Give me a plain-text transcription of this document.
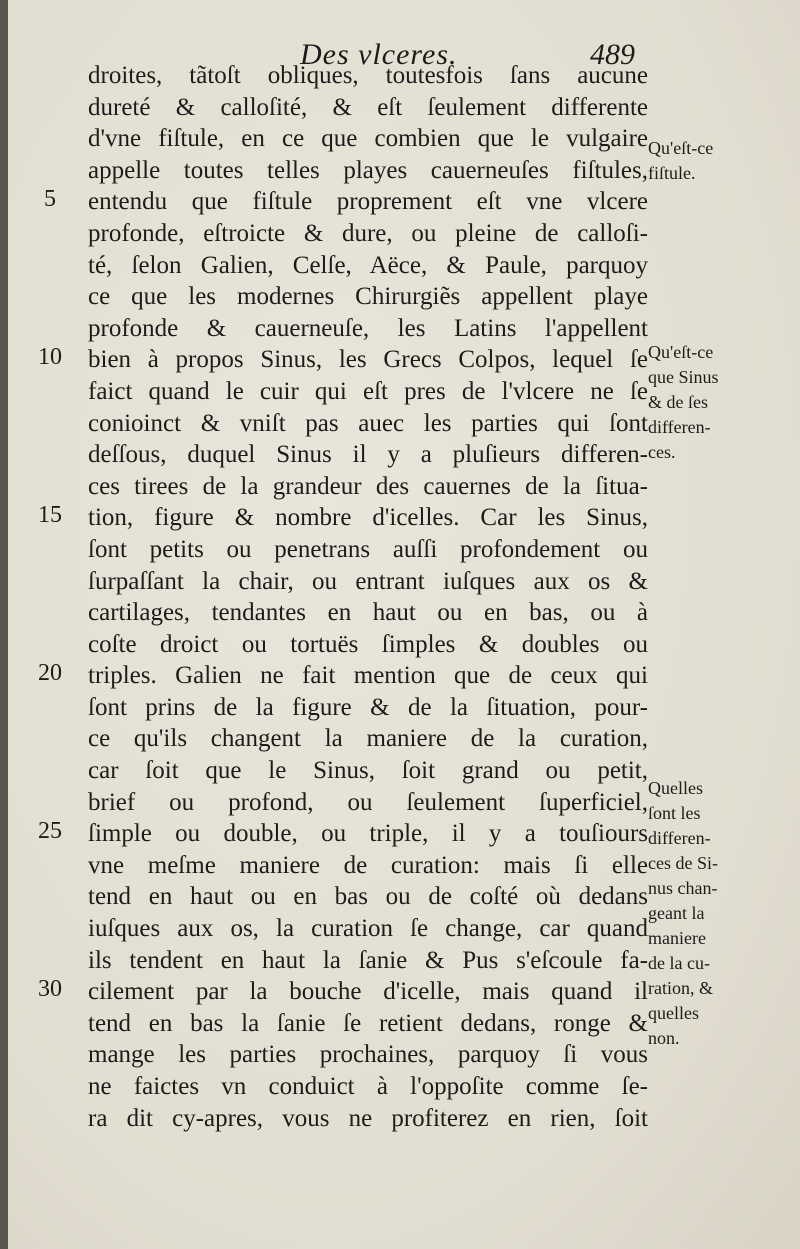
Des vlceres.	489
droites, tãtoſt obliques, toutesfois ſans aucune
dureté & calloſité, & eſt ſeulement differente
d'vne fiſtule, en ce que combien que le vulgaire
appelle toutes telles playes cauerneuſes fiſtules,
entendu que fiſtule proprement eſt vne vlcere
profonde, eſtroicte & dure, ou pleine de calloſi-
té, ſelon Galien, Celſe, Aëce, & Paule, parquoy
ce que les modernes Chirurgiẽs appellent playe
profonde & cauerneuſe, les Latins l'appellent
bien à propos Sinus, les Grecs Colpos, lequel ſe
faict quand le cuir qui eſt pres de l'vlcere ne ſe
conioinct & vniſt pas auec les parties qui ſont
deſſous, duquel Sinus il y a pluſieurs differen-
ces tirees de la grandeur des cauernes de la ſitua-
tion, figure & nombre d'icelles. Car les Sinus,
ſont petits ou penetrans auſſi profondement ou
ſurpaſſant la chair, ou entrant iuſques aux os &
cartilages, tendantes en haut ou en bas, ou à
coſte droict ou tortuës ſimples & doubles ou
triples. Galien ne fait mention que de ceux qui
ſont prins de la figure & de la ſituation, pour-
ce qu'ils changent la maniere de la curation,
car ſoit que le Sinus, ſoit grand ou petit,
brief ou profond, ou ſeulement ſuperficiel,
ſimple ou double, ou triple, il y a touſiours
vne meſme maniere de curation: mais ſi elle
tend en haut ou en bas ou de coſté où dedans
iuſques aux os, la curation ſe change, car quand
ils tendent en haut la ſanie & Pus s'eſcoule fa-
cilement par la bouche d'icelle, mais quand il
tend en bas la ſanie ſe retient dedans, ronge &
mange les parties prochaines, parquoy ſi vous
ne faictes vn conduict à l'oppoſite comme ſe-
ra dit cy-apres, vous ne profiterez en rien, ſoit
5
10
15
20
25
30
Qu'eſt-ce
fiſtule.
Qu'eſt-ce
que Sinus
& de ſes
differen-
ces.
Quelles
ſont les
differen-
ces de Si-
nus chan-
geant la
maniere
de la cu-
ration, &
quelles
non.
